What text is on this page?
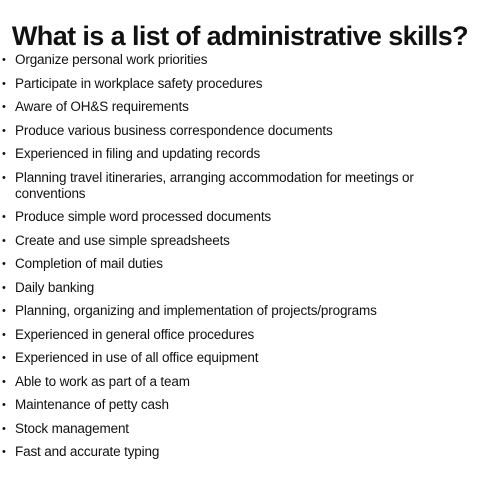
What is a list of administrative skills?
• Organize personal work priorities
• Participate in workplace safety procedures
• Aware of OH&S requirements
• Produce various business correspondence documents
• Experienced in filing and updating records
• Planning travel itineraries, arranging accommodation for meetings or conventions
• Produce simple word processed documents
• Create and use simple spreadsheets
• Completion of mail duties
• Daily banking
• Planning, organizing and implementation of projects/programs
• Experienced in general office procedures
• Experienced in use of all office equipment
• Able to work as part of a team
• Maintenance of petty cash
• Stock management
• Fast and accurate typing
